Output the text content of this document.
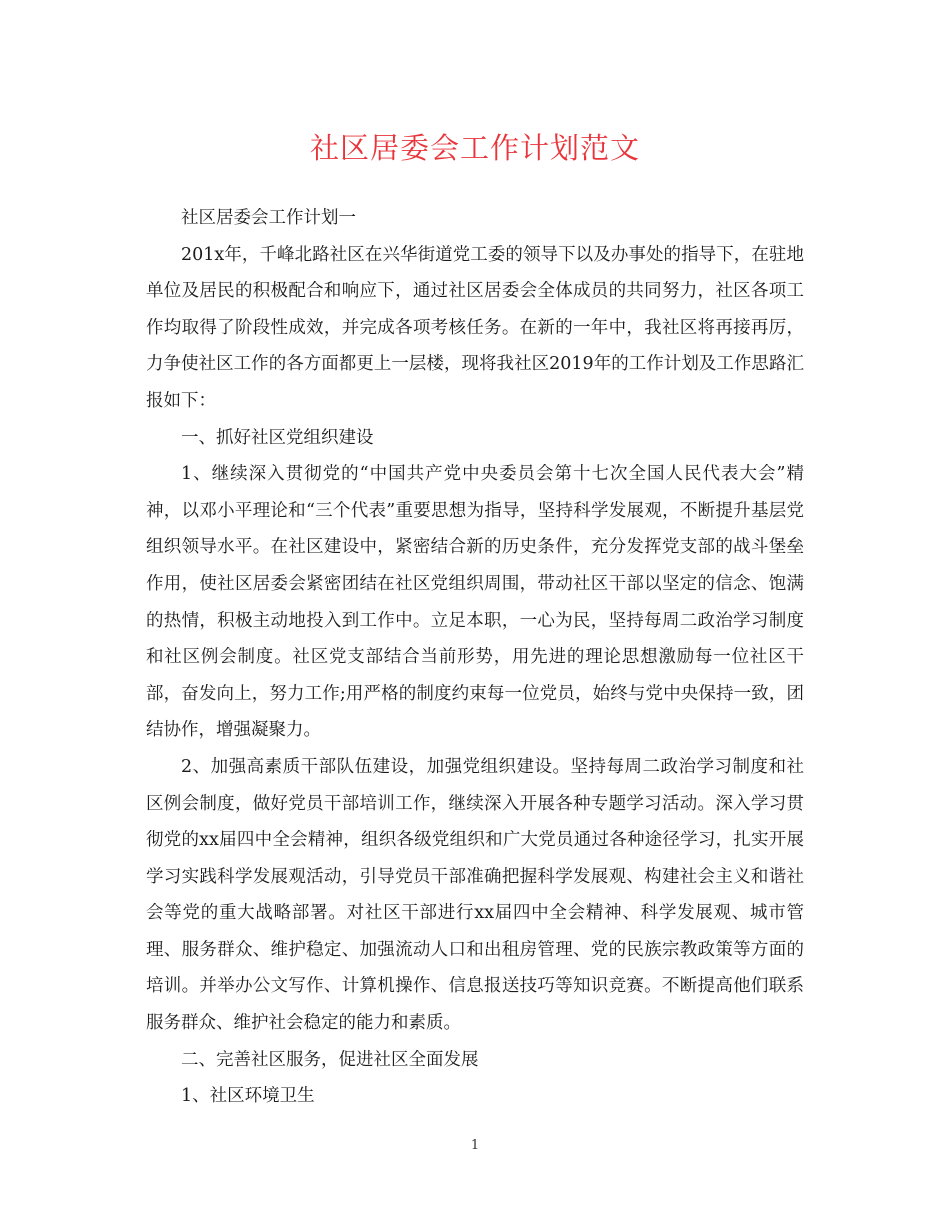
社区居委会工作计划范文

社区居委会工作计划一

201x年，千峰北路社区在兴华街道党工委的领导下以及办事处的指导下，在驻地单位及居民的积极配合和响应下，通过社区居委会全体成员的共同努力，社区各项工作均取得了阶段性成效，并完成各项考核任务。在新的一年中，我社区将再接再厉，力争使社区工作的各方面都更上一层楼，现将我社区2019年的工作计划及工作思路汇报如下：

一、抓好社区党组织建设

1、继续深入贯彻党的“中国共产党中央委员会第十七次全国人民代表大会”精神，以邓小平理论和“三个代表”重要思想为指导，坚持科学发展观，不断提升基层党组织领导水平。在社区建设中，紧密结合新的历史条件，充分发挥党支部的战斗堡垒作用，使社区居委会紧密团结在社区党组织周围，带动社区干部以坚定的信念、饱满的热情，积极主动地投入到工作中。立足本职，一心为民，坚持每周二政治学习制度和社区例会制度。社区党支部结合当前形势，用先进的理论思想激励每一位社区干部，奋发向上，努力工作;用严格的制度约束每一位党员，始终与党中央保持一致，团结协作，增强凝聚力。

2、加强高素质干部队伍建设，加强党组织建设。坚持每周二政治学习制度和社区例会制度，做好党员干部培训工作，继续深入开展各种专题学习活动。深入学习贯彻党的xx届四中全会精神，组织各级党组织和广大党员通过各种途径学习，扎实开展学习实践科学发展观活动，引导党员干部准确把握科学发展观、构建社会主义和谐社会等党的重大战略部署。对社区干部进行xx届四中全会精神、科学发展观、城市管理、服务群众、维护稳定、加强流动人口和出租房管理、党的民族宗教政策等方面的培训。并举办公文写作、计算机操作、信息报送技巧等知识竞赛。不断提高他们联系服务群众、维护社会稳定的能力和素质。

二、完善社区服务，促进社区全面发展

1、社区环境卫生

1
